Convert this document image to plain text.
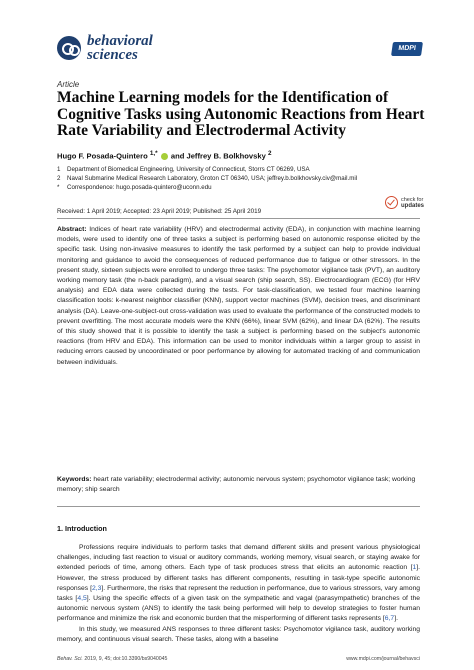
behavioral
sciences	MDPI
Article
Machine Learning models for the Identification of Cognitive Tasks using Autonomic Reactions from Heart Rate Variability and Electrodermal Activity
Hugo F. Posada-Quintero $^{1,*}$ and Jeffrey B. Bolkhovsky $^2$
1 Department of Biomedical Engineering, University of Connecticut, Storrs CT 06269, USA
2 Naval Submarine Medical Research Laboratory, Groton CT 06340, USA; jeffrey.b.bolkhovsky.civ@mail.mil
* Correspondence: hugo.posada-quintero@uconn.edu
check for
updates
Received: 1 April 2019; Accepted: 23 April 2019; Published: 25 April 2019
Abstract: Indices of heart rate variability (HRV) and electrodermal activity (EDA), in conjunction with machine learning models, were used to identify one of three tasks a subject is performing based on autonomic response elicited by the specific task. Using non-invasive measures to identify the task performed by a subject can help to provide individual monitoring and guidance to avoid the consequences of reduced performance due to fatigue or other stressors. In the present study, sixteen subjects were enrolled to undergo three tasks: The psychomotor vigilance task (PVT), an auditory working memory task (the n-back paradigm), and a visual search (ship search, SS). Electrocardiogram (ECG) (for HRV analysis) and EDA data were collected during the tests. For task-classification, we tested four machine learning classification tools: k-nearest neighbor classifier (KNN), support vector machines (SVM), decision trees, and discriminant analysis (DA). Leave-one-subject-out cross-validation was used to evaluate the performance of the constructed models to prevent overfitting. The most accurate models were the KNN (66%), linear SVM (62%), and linear DA (62%). The results of this study showed that it is possible to identify the task a subject is performing based on the subject's autonomic reactions (from HRV and EDA). This information can be used to monitor individuals within a larger group to assist in reducing errors caused by uncoordinated or poor performance by allowing for automated tracking of and communication between individuals.
Keywords: heart rate variability; electrodermal activity; autonomic nervous system; psychomotor vigilance task; working memory; ship search
1. Introduction

Professions require individuals to perform tasks that demand different skills and present various physiological challenges, including fast reaction to visual or auditory commands, working memory, visual search, or staying awake for extended periods of time, among others. Each type of task produces stress that elicits an autonomic reaction [1]. However, the stress produced by different tasks has different components, resulting in task-type specific autonomic responses [2,3]. Furthermore, the risks that represent the reduction in performance, due to various stressors, vary among tasks [4,5]. Using the specific effects of a given task on the sympathetic and vagal (parasympathetic) branches of the autonomic nervous system (ANS) to identify the task being performed will help to develop strategies to foster human performance and minimize the risk and economic burden that the misperforming of different tasks represents [6,7].

In this study, we measured ANS responses to three different tasks: Psychomotor vigilance task, auditory working memory, and continuous visual search. These tasks, along with a baseline

Behav. Sci. 2019, 9, 45; doi:10.3390/bs9040045	www.mdpi.com/journal/behavsci
